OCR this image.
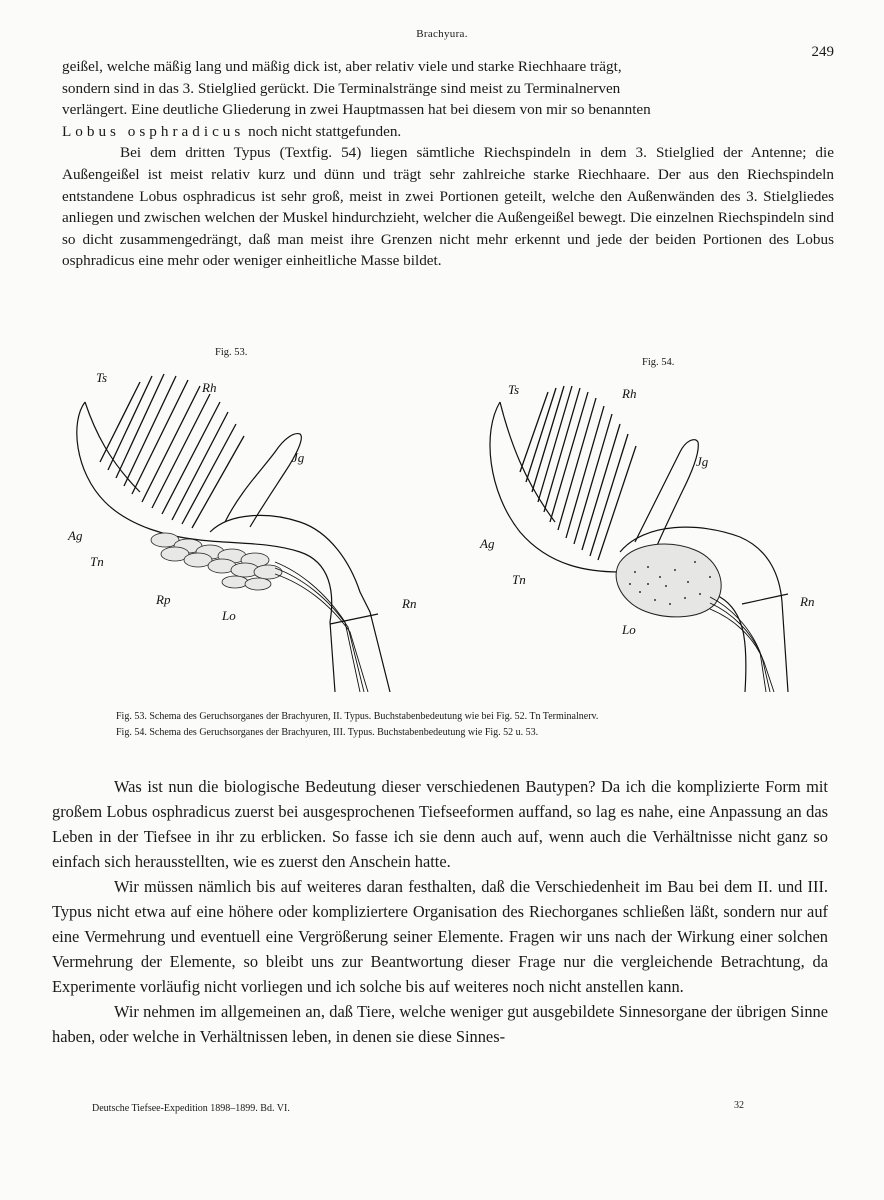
Brachyura.
249

geißel, welche mäßig lang und mäßig dick ist, aber relativ viele und starke Riechhaare trägt,

sondern sind in das 3. Stielglied gerückt. Die Terminalstränge sind meist zu Terminalnerven

verlängert. Eine deutliche Gliederung in zwei Hauptmassen hat bei diesem von mir so benannten

Lobus osphradicus noch nicht stattgefunden.

Bei dem dritten Typus (Textfig. 54) liegen sämtliche Riechspindeln in dem 3. Stielglied der Antenne; die Außengeißel ist meist relativ kurz und dünn und trägt sehr zahlreiche starke Riechhaare. Der aus den Riechspindeln entstandene Lobus osphradicus ist sehr groß, meist in zwei Portionen geteilt, welche den Außenwänden des 3. Stielgliedes anliegen und zwischen welchen der Muskel hindurchzieht, welcher die Außengeißel bewegt. Die einzelnen Riechspindeln sind so dicht zusammengedrängt, daß man meist ihre Grenzen nicht mehr erkennt und jede der beiden Portionen des Lobus osphradicus eine mehr oder weniger einheitliche Masse bildet.

Fig. 53.
Fig. 54.
Ts
Rh
Jg
Ag
Tn
Rp
Lo
Rn
Ts	Rh
Jg
Ag
Tn
Lo
Rn
Fig. 53. Schema des Geruchsorganes der Brachyuren, II. Typus. Buchstabenbedeutung wie bei Fig. 52. Tn Terminalnerv.
Fig. 54. Schema des Geruchsorganes der Brachyuren, III. Typus. Buchstabenbedeutung wie Fig. 52 u. 53.

Was ist nun die biologische Bedeutung dieser verschiedenen Bautypen? Da ich die komplizierte Form mit großem Lobus osphradicus zuerst bei ausgesprochenen Tiefseeformen auffand, so lag es nahe, eine Anpassung an das Leben in der Tiefsee in ihr zu erblicken. So fasse ich sie denn auch auf, wenn auch die Verhältnisse nicht ganz so einfach sich herausstellten, wie es zuerst den Anschein hatte.

Wir müssen nämlich bis auf weiteres daran festhalten, daß die Verschiedenheit im Bau bei dem II. und III. Typus nicht etwa auf eine höhere oder kompliziertere Organisation des Riechorganes schließen läßt, sondern nur auf eine Vermehrung und eventuell eine Vergrößerung seiner Elemente. Fragen wir uns nach der Wirkung einer solchen Vermehrung der Elemente, so bleibt uns zur Beantwortung dieser Frage nur die vergleichende Betrachtung, da Experimente vorläufig nicht vorliegen und ich solche bis auf weiteres noch nicht anstellen kann.

Wir nehmen im allgemeinen an, daß Tiere, welche weniger gut ausgebildete Sinnesorgane der übrigen Sinne haben, oder welche in Verhältnissen leben, in denen sie diese Sinnes-

Deutsche Tiefsee-Expedition 1898–1899. Bd. VI.	32
